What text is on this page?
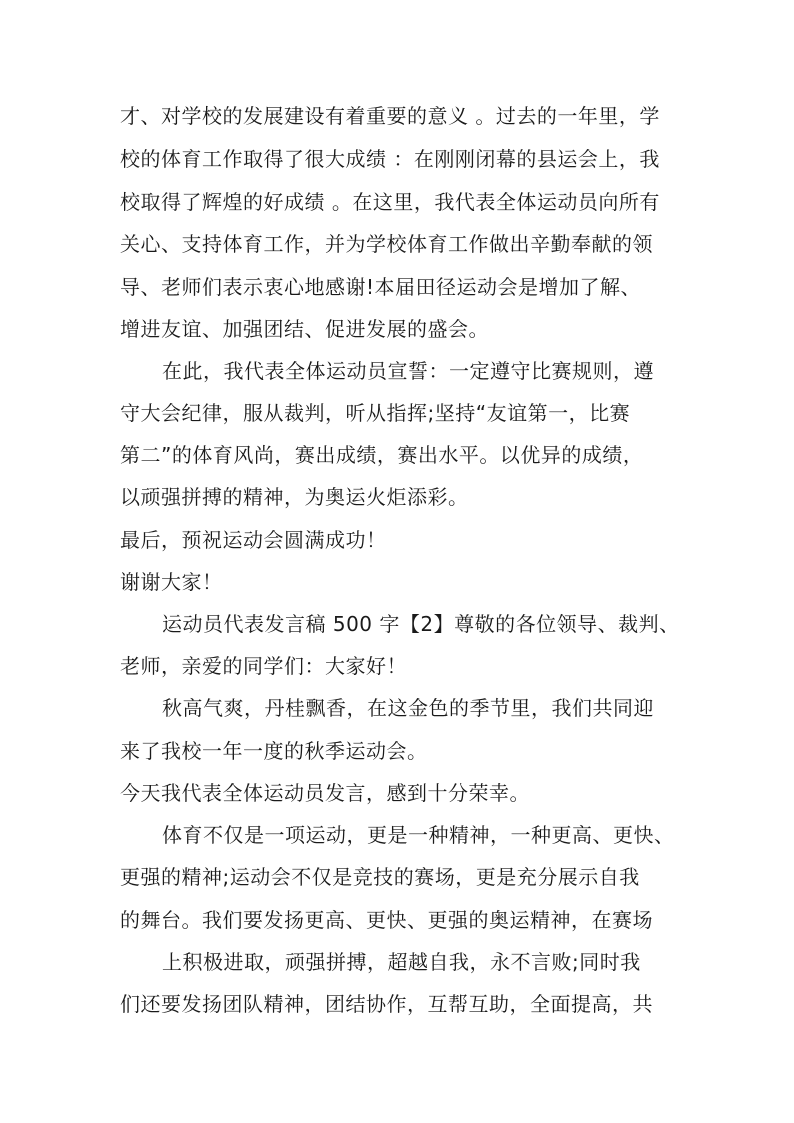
才、对学校的发展建设有着重要的意义 。过去的一年里，学

校的体育工作取得了很大成绩 ：在刚刚闭幕的县运会上，我

校取得了辉煌的好成绩 。在这里，我代表全体运动员向所有

关心、支持体育工作，并为学校体育工作做出辛勤奉献的领

导、老师们表示衷心地感谢!本届田径运动会是增加了解、

增进友谊、加强团结、促进发展的盛会。

在此，我代表全体运动员宣誓：一定遵守比赛规则，遵

守大会纪律，服从裁判，听从指挥;坚持“友谊第一，比赛

第二”的体育风尚，赛出成绩，赛出水平。以优异的成绩，

以顽强拼搏的精神，为奥运火炬添彩。

最后，预祝运动会圆满成功！

谢谢大家！

运动员代表发言稿 500 字【2】尊敬的各位领导、裁判、

老师，亲爱的同学们：大家好！

秋高气爽，丹桂飘香，在这金色的季节里，我们共同迎

来了我校一年一度的秋季运动会。

今天我代表全体运动员发言，感到十分荣幸。

体育不仅是一项运动，更是一种精神，一种更高、更快、

更强的精神;运动会不仅是竞技的赛场，更是充分展示自我

的舞台。我们要发扬更高、更快、更强的奥运精神，在赛场

上积极进取，顽强拼搏，超越自我，永不言败;同时我

们还要发扬团队精神，团结协作，互帮互助，全面提高，共
